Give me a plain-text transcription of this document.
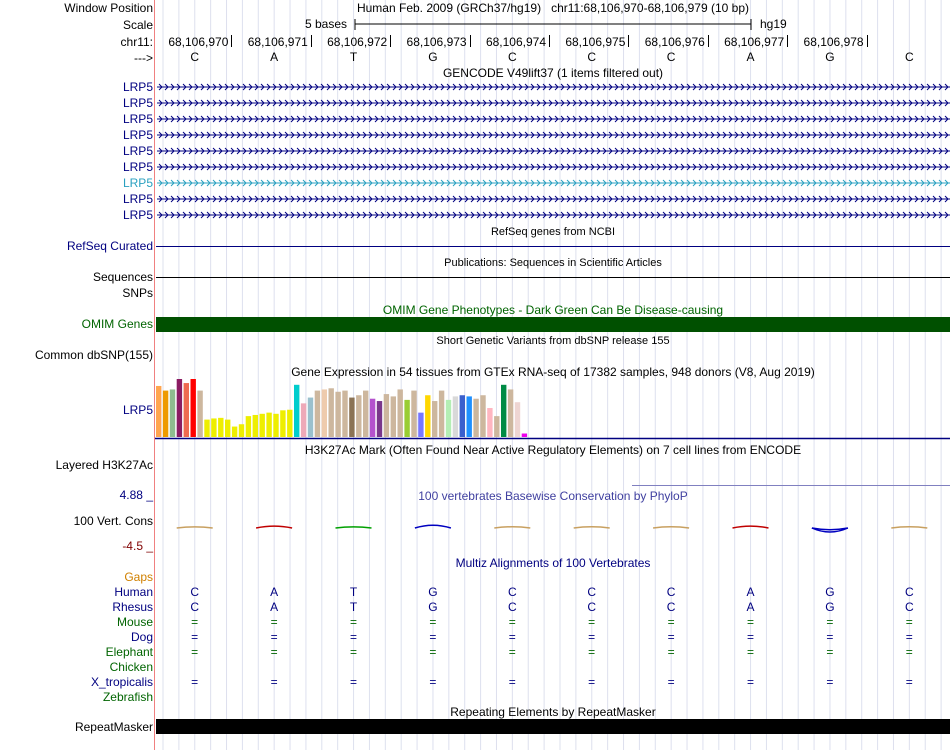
Window Position	Human Feb. 2009 (GRCh37/hg19)   chr11:68,106,970-68,106,979 (10 bp)
Scale	5 bases	hg19
chr11:	68,106,970	68,106,971	68,106,972	68,106,973	68,106,974	68,106,975	68,106,976	68,106,977	68,106,978
--->	C	A	T	G	C	C	C	A	G	C
GENCODE V49lift37 (1 items filtered out)
LRP5
LRP5
LRP5
LRP5
LRP5
LRP5
LRP5
LRP5
LRP5
RefSeq genes from NCBI
RefSeq Curated
Publications: Sequences in Scientific Articles
Sequences
SNPs
OMIM Gene Phenotypes - Dark Green Can Be Disease-causing
OMIM Genes
Short Genetic Variants from dbSNP release 155
Common dbSNP(155)
Gene Expression in 54 tissues from GTEx RNA-seq of 17382 samples, 948 donors (V8, Aug 2019)
LRP5
H3K27Ac Mark (Often Found Near Active Regulatory Elements) on 7 cell lines from ENCODE
Layered H3K27Ac
4.88 _	100 vertebrates Basewise Conservation by PhyloP
100 Vert. Cons
-4.5 _
Multiz Alignments of 100 Vertebrates
Gaps
Human	C	A	T	G	C	C	C	A	G	C
Rhesus	C	A	T	G	C	C	C	A	G	C
Mouse	=	=	=	=	=	=	=	=	=	=
Dog	=	=	=	=	=	=	=	=	=	=
Elephant	=	=	=	=	=	=	=	=	=	=
Chicken
X_tropicalis	=	=	=	=	=	=	=	=	=	=
Zebrafish
Repeating Elements by RepeatMasker
RepeatMasker
